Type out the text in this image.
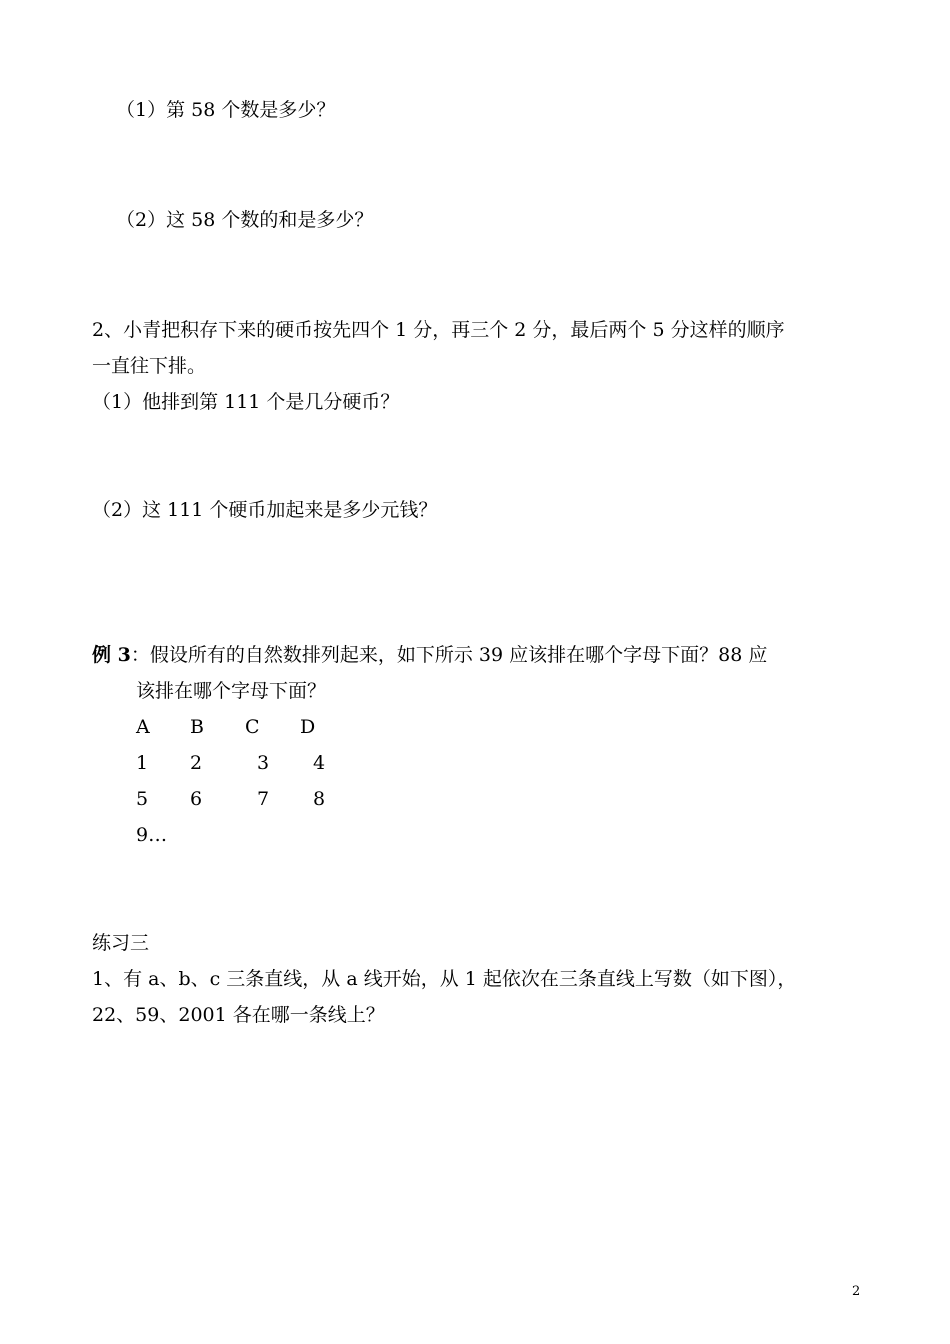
（1）第 58 个数是多少？
（2）这 58 个数的和是多少？
2、小青把积存下来的硬币按先四个 1 分，再三个 2 分，最后两个 5 分这样的顺序
一直往下排。
（1）他排到第 111 个是几分硬币？
（2）这 111 个硬币加起来是多少元钱？
例 3：假设所有的自然数排列起来，如下所示 39 应该排在哪个字母下面？88 应
该排在哪个字母下面？
A B C D
1 2	3 4
5 6	7 8
9…
练习三
1、有 a、b、c 三条直线，从 a 线开始，从 1 起依次在三条直线上写数（如下图），
22、59、2001 各在哪一条线上？
2
